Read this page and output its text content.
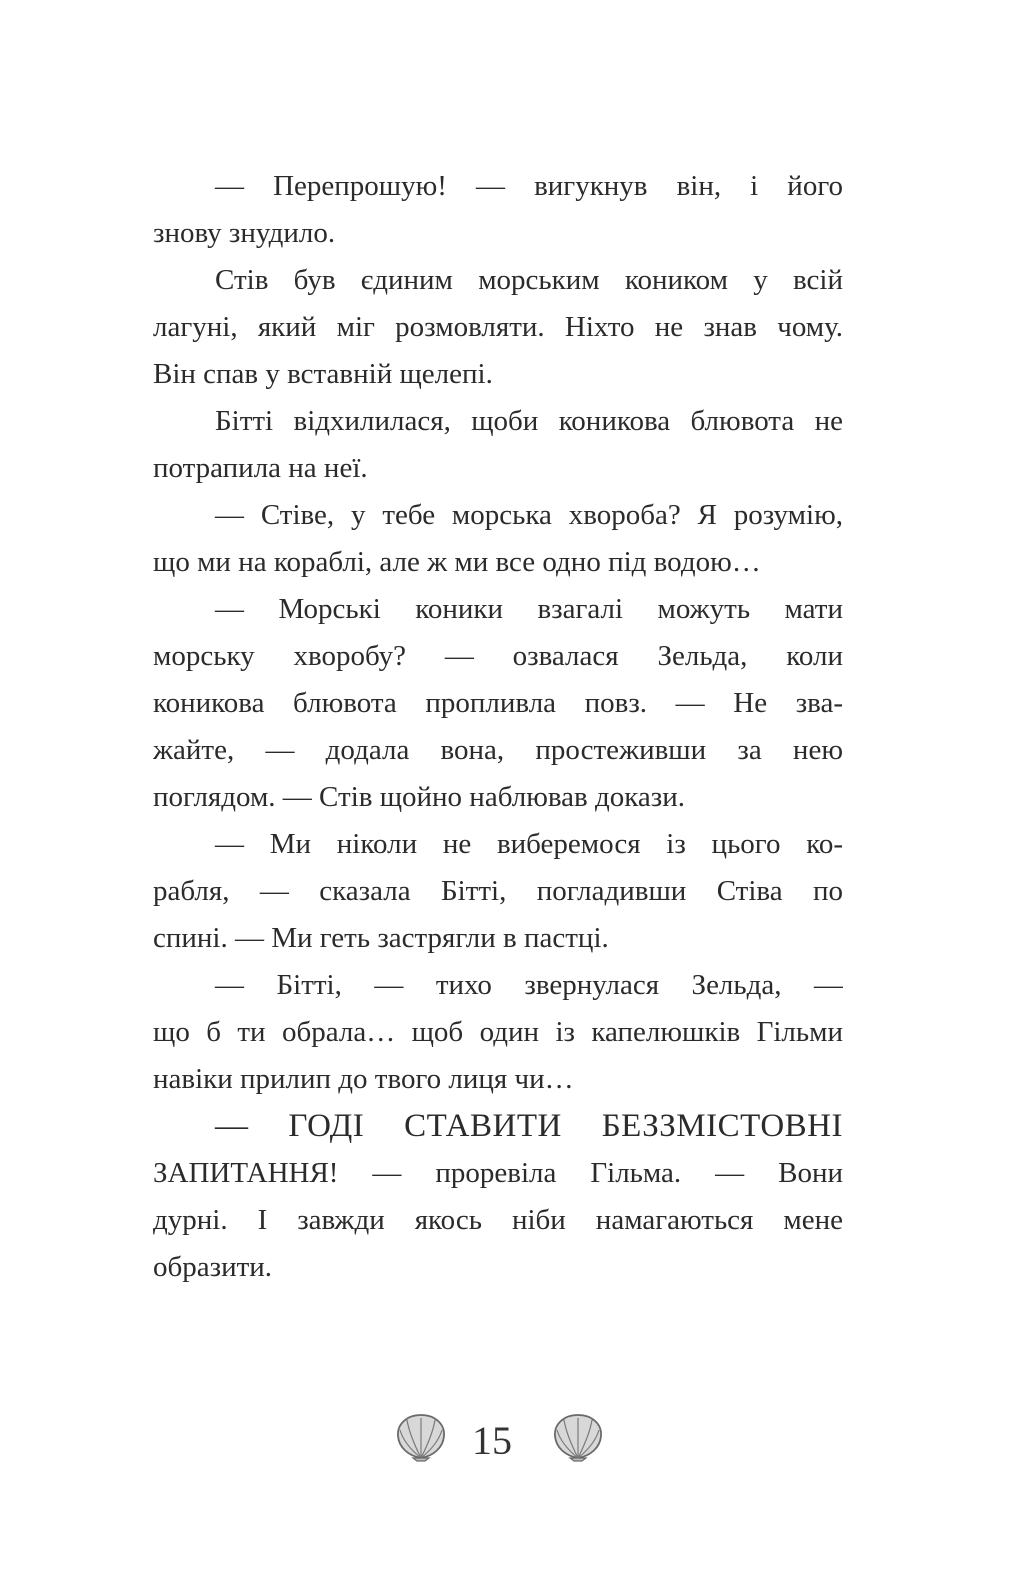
— Перепрошую! — вигукнув він, і його
знову знудило.
Стів був єдиним морським коником у всій
лагуні, який міг розмовляти. Ніхто не знав чому.
Він спав у вставній щелепі.
Бітті відхилилася, щоби коникова блювота не
потрапила на неї.
— Стіве, у тебе морська хвороба? Я розумію,
що ми на кораблі, але ж ми все одно під водою…
— Морські коники взагалі можуть мати
морську хворобу? — озвалася Зельда, коли
коникова блювота пропливла повз. — Не зва-
жайте, — додала вона, простеживши за нею
поглядом. — Стів щойно наблював докази.
— Ми ніколи не виберемося із цього ко-
рабля, — сказала Бітті, погладивши Стіва по
спині. — Ми геть застрягли в пастці.
— Бітті, — тихо звернулася Зельда, —
що б ти обрала… щоб один із капелюшків Гільми
навіки прилип до твого лиця чи…
— ГОДІ СТАВИТИ БЕЗЗМІСТОВНІ
ЗАПИТАННЯ! — проревіла Гільма. — Вони
дурні. І завжди якось ніби намагаються мене
образити.
15
